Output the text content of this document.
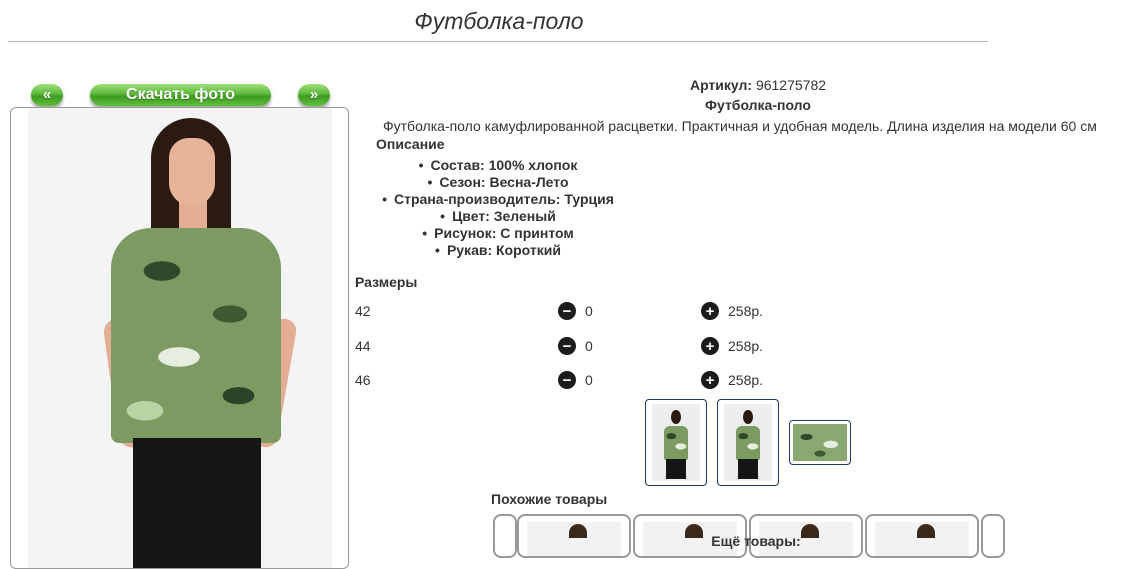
Футболка-поло
«	Скачать фото	»
Артикул: 961275782
Футболка-поло
Футболка-поло камуфлированной расцветки. Практичная и удобная модель. Длина изделия на модели 60 см
Описание
• Состав: 100% хлопок
• Сезон: Весна-Лето
• Страна-производитель: Турция
• Цвет: Зеленый
• Рисунок: С принтом
• Рукав: Короткий
Размеры
42	− 0	+ 258р.
44	− 0	+ 258р.
46	− 0	+ 258р.
Похожие товары
Ещё товары:
